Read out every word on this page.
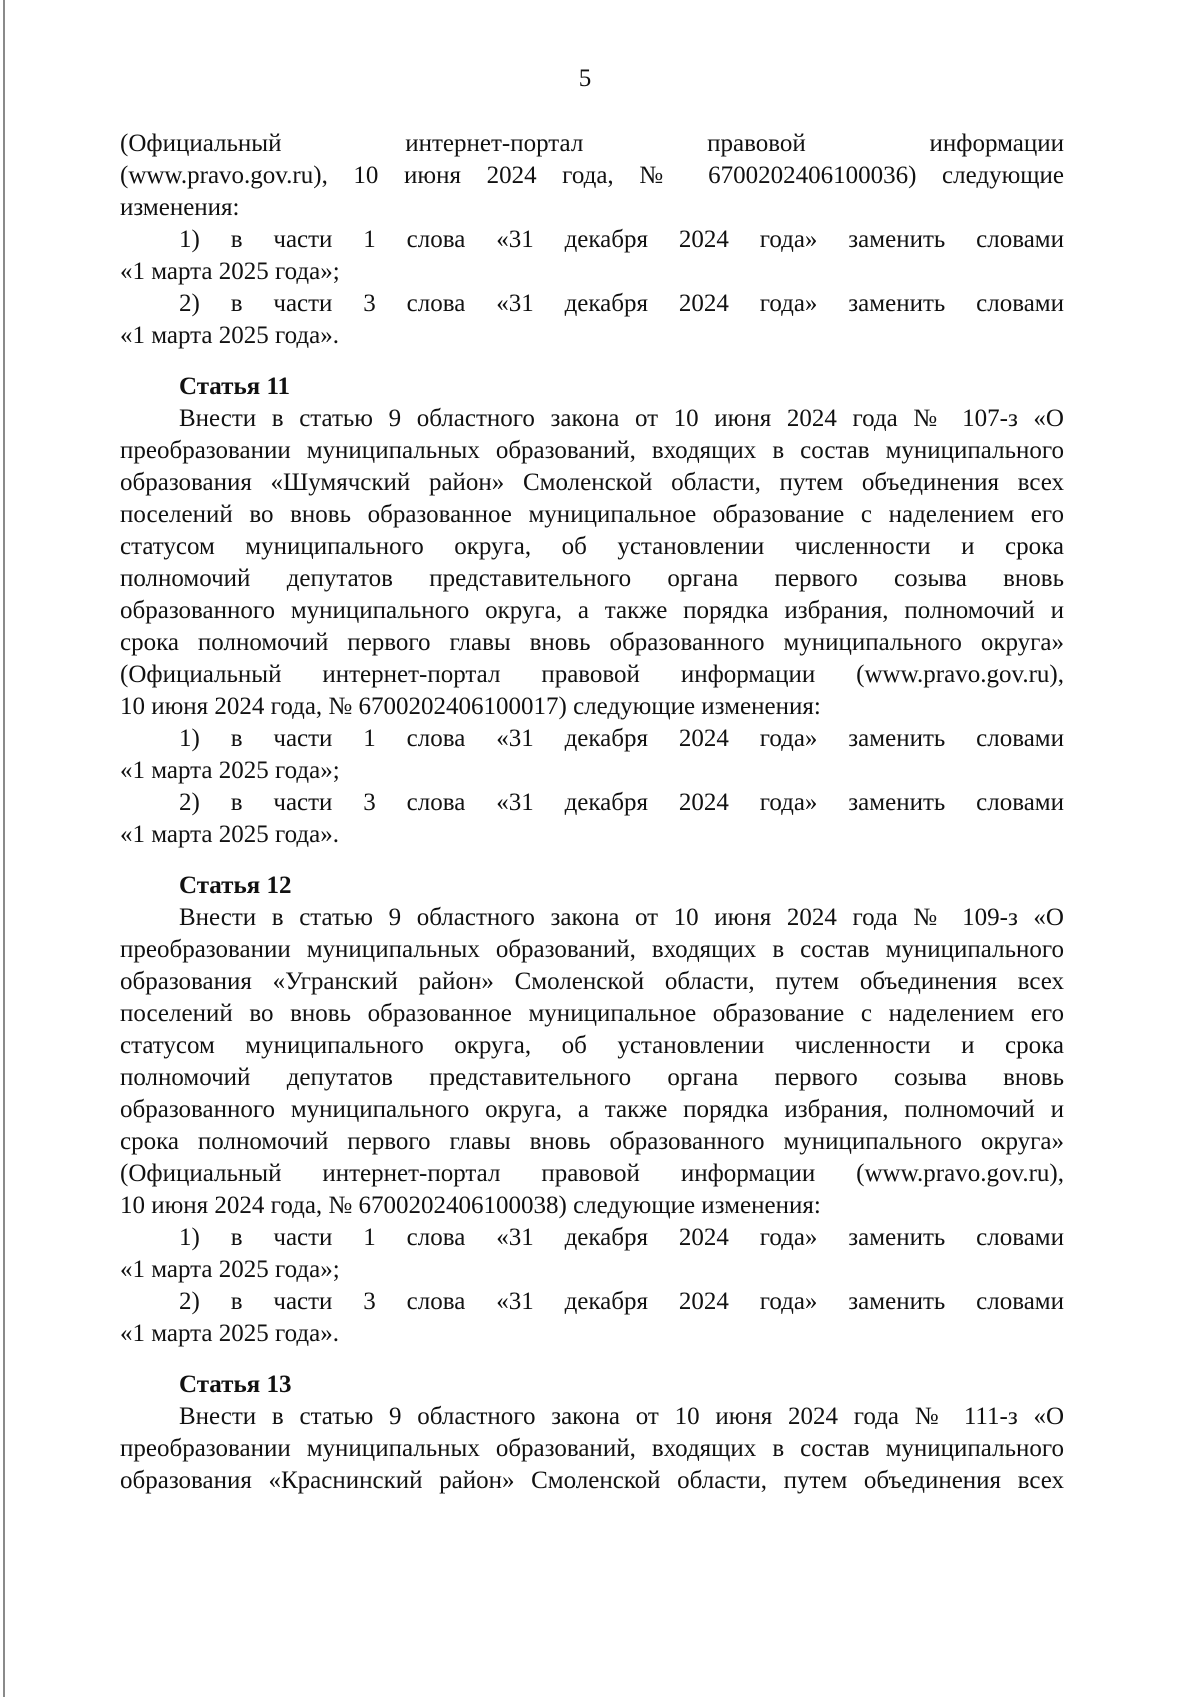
5
(Официальный интернет-портал правовой информации
(www.pravo.gov.ru), 10 июня 2024 года, № 6700202406100036) следующие
изменения:
1) в части 1 слова «31 декабря 2024 года» заменить словами
«1 марта 2025 года»;
2) в части 3 слова «31 декабря 2024 года» заменить словами
«1 марта 2025 года».
Статья 11
Внести в статью 9 областного закона от 10 июня 2024 года № 107-з «О
преобразовании муниципальных образований, входящих в состав муниципального
образования «Шумячский район» Смоленской области, путем объединения всех
поселений во вновь образованное муниципальное образование с наделением его
статусом муниципального округа, об установлении численности и срока
полномочий депутатов представительного органа первого созыва вновь
образованного муниципального округа, а также порядка избрания, полномочий и
срока полномочий первого главы вновь образованного муниципального округа»
(Официальный интернет-портал правовой информации (www.pravo.gov.ru),
10 июня 2024 года, № 6700202406100017) следующие изменения:
1) в части 1 слова «31 декабря 2024 года» заменить словами
«1 марта 2025 года»;
2) в части 3 слова «31 декабря 2024 года» заменить словами
«1 марта 2025 года».
Статья 12
Внести в статью 9 областного закона от 10 июня 2024 года № 109-з «О
преобразовании муниципальных образований, входящих в состав муниципального
образования «Угранский район» Смоленской области, путем объединения всех
поселений во вновь образованное муниципальное образование с наделением его
статусом муниципального округа, об установлении численности и срока
полномочий депутатов представительного органа первого созыва вновь
образованного муниципального округа, а также порядка избрания, полномочий и
срока полномочий первого главы вновь образованного муниципального округа»
(Официальный интернет-портал правовой информации (www.pravo.gov.ru),
10 июня 2024 года, № 6700202406100038) следующие изменения:
1) в части 1 слова «31 декабря 2024 года» заменить словами
«1 марта 2025 года»;
2) в части 3 слова «31 декабря 2024 года» заменить словами
«1 марта 2025 года».
Статья 13
Внести в статью 9 областного закона от 10 июня 2024 года № 111-з «О
преобразовании муниципальных образований, входящих в состав муниципального
образования «Краснинский район» Смоленской области, путем объединения всех
